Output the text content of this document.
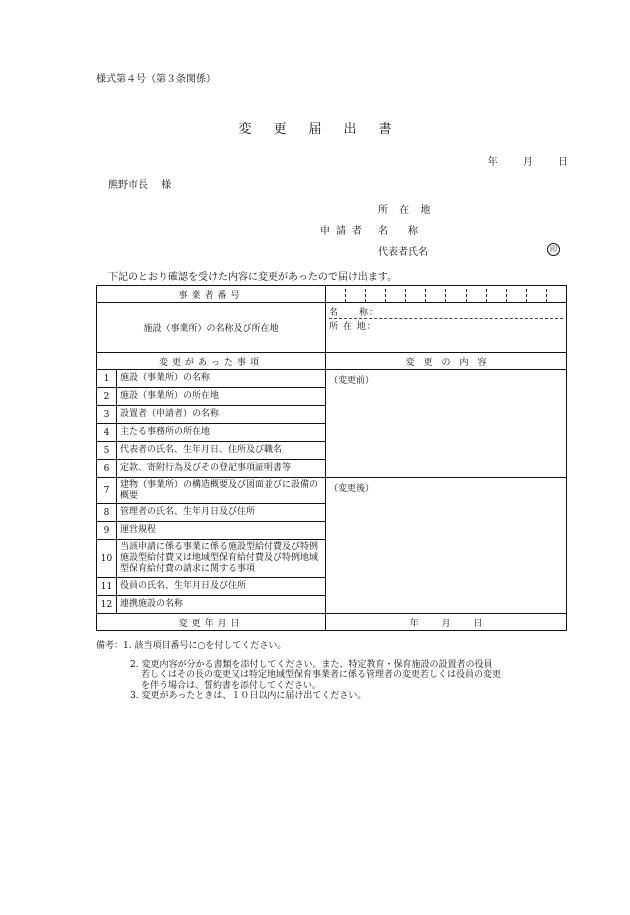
様式第４号（第３条関係）
変更届出書
年 月 日
熊野市長 様
所 在 地
申請者 名　　称
代表者氏名	印
下記のとおり確認を受けた内容に変更があったので届け出ます。
事業者番号		

施設（事業所）の名称及び所在地		名　　称：
所 在 地：

変更があった事項		変　更　の　内　容
1	施設（事業所）の名称	（変更前）
2	施設（事業所）の所在地	
3	設置者（申請者）の名称	
4	主たる事務所の所在地	
5	代表者の氏名、生年月日、住所及び職名	
6	定款、寄附行為及びその登記事項証明書等	
7	建物（事業所）の構造概要及び図面並びに設備の概要	（変更後）
8	管理者の氏名、生年月日及び住所	
9	運営規程	
10	当該申請に係る事業に係る施設型給付費及び特例施設型給付費又は地域型保育給付費及び特例地域型保育給付費の請求に関する事項	
11	役員の氏名、生年月日及び住所	
12	連携施設の名称	
変更年月日		年 月 日
備考：1. 該当項目番号に○を付してください。
2. 変更内容が分かる書類を添付してください。また、特定教育・保育施設の設置者の役員
若しくはその長の変更又は特定地域型保育事業者に係る管理者の変更若しくは役員の変更
を伴う場合は、誓約書を添付してください。
3. 変更があったときは、１０日以内に届け出てください。
